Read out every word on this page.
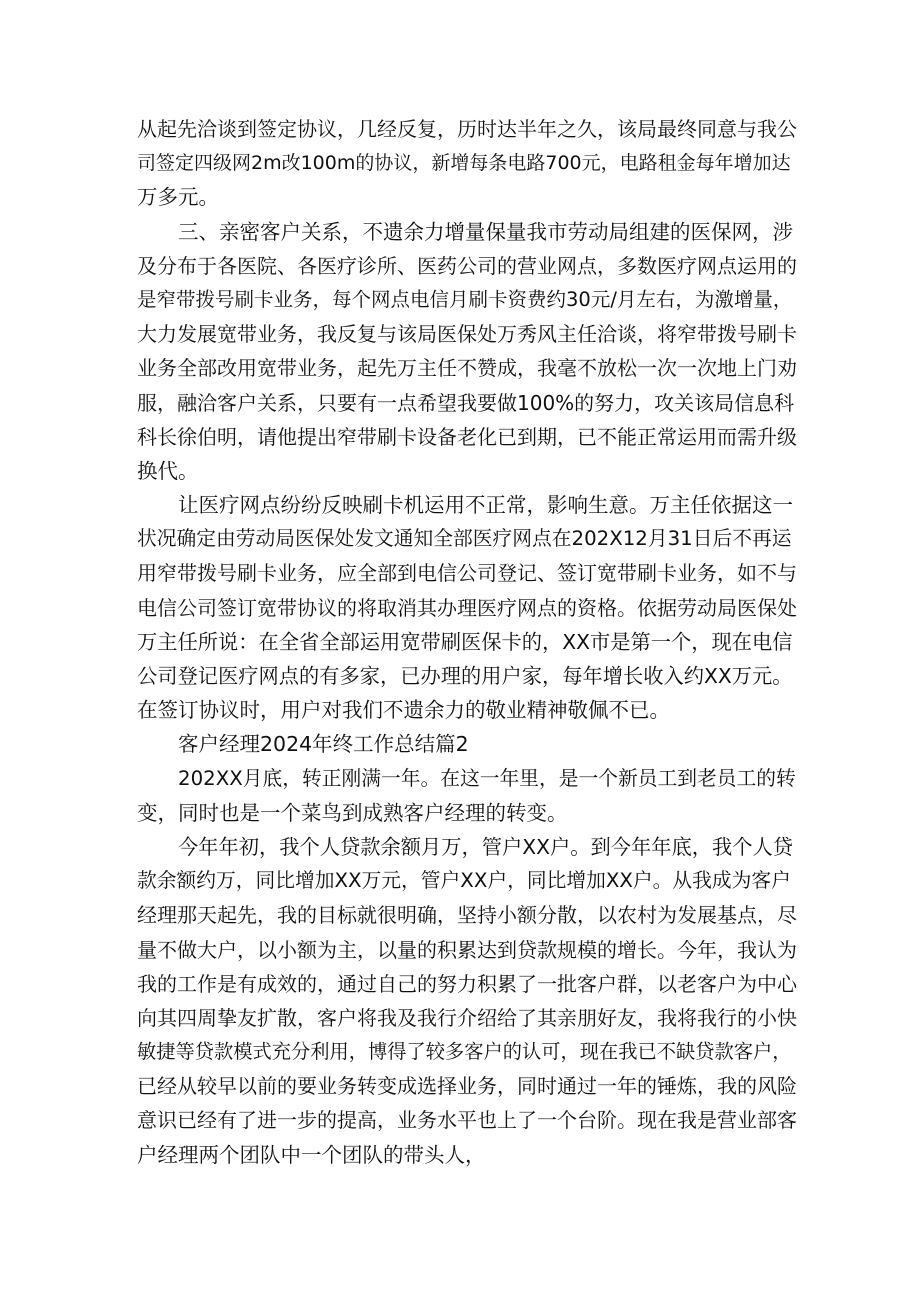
从起先洽谈到签定协议，几经反复，历时达半年之久，该局最终同意与我公
司签定四级网2m改100m的协议，新增每条电路700元，电路租金每年增加达
万多元。
三、亲密客户关系，不遗余力增量保量我市劳动局组建的医保网，涉
及分布于各医院、各医疗诊所、医药公司的营业网点，多数医疗网点运用的
是窄带拨号刷卡业务，每个网点电信月刷卡资费约30元/月左右，为激增量，
大力发展宽带业务，我反复与该局医保处万秀风主任洽谈，将窄带拨号刷卡
业务全部改用宽带业务，起先万主任不赞成，我毫不放松一次一次地上门劝
服，融洽客户关系，只要有一点希望我要做100%的努力，攻关该局信息科
科长徐伯明，请他提出窄带刷卡设备老化已到期，已不能正常运用而需升级
换代。
让医疗网点纷纷反映刷卡机运用不正常，影响生意。万主任依据这一
状况确定由劳动局医保处发文通知全部医疗网点在202X12月31日后不再运
用窄带拨号刷卡业务，应全部到电信公司登记、签订宽带刷卡业务，如不与
电信公司签订宽带协议的将取消其办理医疗网点的资格。依据劳动局医保处
万主任所说：在全省全部运用宽带刷医保卡的，XX市是第一个，现在电信
公司登记医疗网点的有多家，已办理的用户家，每年增长收入约XX万元。
在签订协议时，用户对我们不遗余力的敬业精神敬佩不已。
客户经理2024年终工作总结篇2
202XX月底，转正刚满一年。在这一年里，是一个新员工到老员工的转
变，同时也是一个菜鸟到成熟客户经理的转变。
今年年初，我个人贷款余额月万，管户XX户。到今年年底，我个人贷
款余额约万，同比增加XX万元，管户XX户，同比增加XX户。从我成为客户
经理那天起先，我的目标就很明确，坚持小额分散，以农村为发展基点，尽
量不做大户，以小额为主，以量的积累达到贷款规模的增长。今年，我认为
我的工作是有成效的，通过自己的努力积累了一批客户群，以老客户为中心
向其四周挚友扩散，客户将我及我行介绍给了其亲朋好友，我将我行的小快
敏捷等贷款模式充分利用，博得了较多客户的认可，现在我已不缺贷款客户，
已经从较早以前的要业务转变成选择业务，同时通过一年的锤炼，我的风险
意识已经有了进一步的提高，业务水平也上了一个台阶。现在我是营业部客
户经理两个团队中一个团队的带头人，
